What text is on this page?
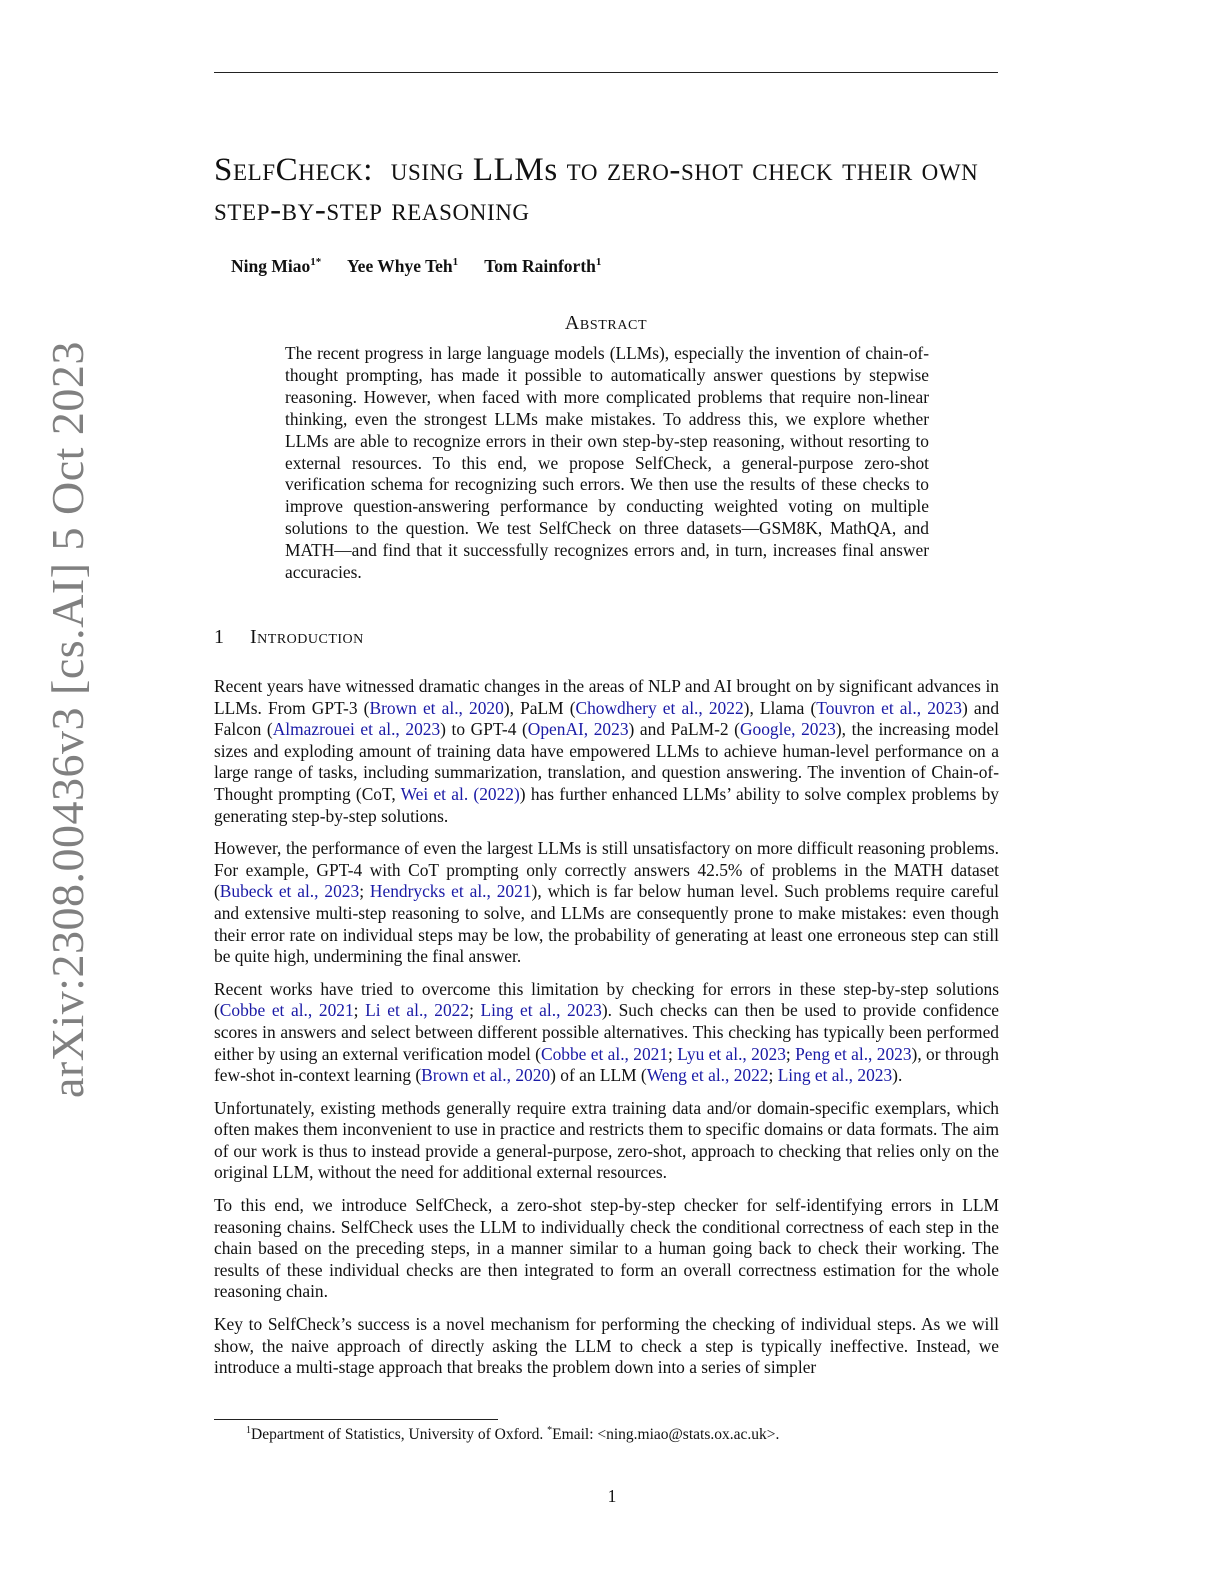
arXiv:2308.00436v3 [cs.AI] 5 Oct 2023
SelfCheck: using LLMs to zero-shot check their own step-by-step reasoning
Ning Miao$^{1*}$ Yee Whye Teh$^1$ Tom Rainforth$^1$
Abstract

The recent progress in large language models (LLMs), especially the invention of chain-of-thought prompting, has made it possible to automatically answer questions by stepwise reasoning. However, when faced with more complicated problems that require non-linear thinking, even the strongest LLMs make mistakes. To address this, we explore whether LLMs are able to recognize errors in their own step-by-step reasoning, without resorting to external resources. To this end, we propose SelfCheck, a general-purpose zero-shot verification schema for recognizing such errors. We then use the results of these checks to improve question-answering performance by conducting weighted voting on multiple solutions to the question. We test SelfCheck on three datasets—GSM8K, MathQA, and MATH—and find that it successfully recognizes errors and, in turn, increases final answer accuracies.

1 Introduction

Recent years have witnessed dramatic changes in the areas of NLP and AI brought on by significant advances in LLMs. From GPT-3 (Brown et al., 2020), PaLM (Chowdhery et al., 2022), Llama (Touvron et al., 2023) and Falcon (Almazrouei et al., 2023) to GPT-4 (OpenAI, 2023) and PaLM-2 (Google, 2023), the increasing model sizes and exploding amount of training data have empowered LLMs to achieve human-level performance on a large range of tasks, including summarization, translation, and question answering. The invention of Chain-of-Thought prompting (CoT, Wei et al. (2022)) has further enhanced LLMs’ ability to solve complex problems by generating step-by-step solutions.

However, the performance of even the largest LLMs is still unsatisfactory on more difficult reasoning problems. For example, GPT-4 with CoT prompting only correctly answers 42.5% of problems in the MATH dataset (Bubeck et al., 2023; Hendrycks et al., 2021), which is far below human level. Such problems require careful and extensive multi-step reasoning to solve, and LLMs are consequently prone to make mistakes: even though their error rate on individual steps may be low, the probability of generating at least one erroneous step can still be quite high, undermining the final answer.

Recent works have tried to overcome this limitation by checking for errors in these step-by-step solutions (Cobbe et al., 2021; Li et al., 2022; Ling et al., 2023). Such checks can then be used to provide confidence scores in answers and select between different possible alternatives. This checking has typically been performed either by using an external verification model (Cobbe et al., 2021; Lyu et al., 2023; Peng et al., 2023), or through few-shot in-context learning (Brown et al., 2020) of an LLM (Weng et al., 2022; Ling et al., 2023).

Unfortunately, existing methods generally require extra training data and/or domain-specific exemplars, which often makes them inconvenient to use in practice and restricts them to specific domains or data formats. The aim of our work is thus to instead provide a general-purpose, zero-shot, approach to checking that relies only on the original LLM, without the need for additional external resources.

To this end, we introduce SelfCheck, a zero-shot step-by-step checker for self-identifying errors in LLM reasoning chains. SelfCheck uses the LLM to individually check the conditional correctness of each step in the chain based on the preceding steps, in a manner similar to a human going back to check their working. The results of these individual checks are then integrated to form an overall correctness estimation for the whole reasoning chain.

Key to SelfCheck’s success is a novel mechanism for performing the checking of individual steps. As we will show, the naive approach of directly asking the LLM to check a step is typically ineffective. Instead, we introduce a multi-stage approach that breaks the problem down into a series of simpler

$^1$Department of Statistics, University of Oxford. *Email: <ning.miao@stats.ox.ac.uk>.
1
